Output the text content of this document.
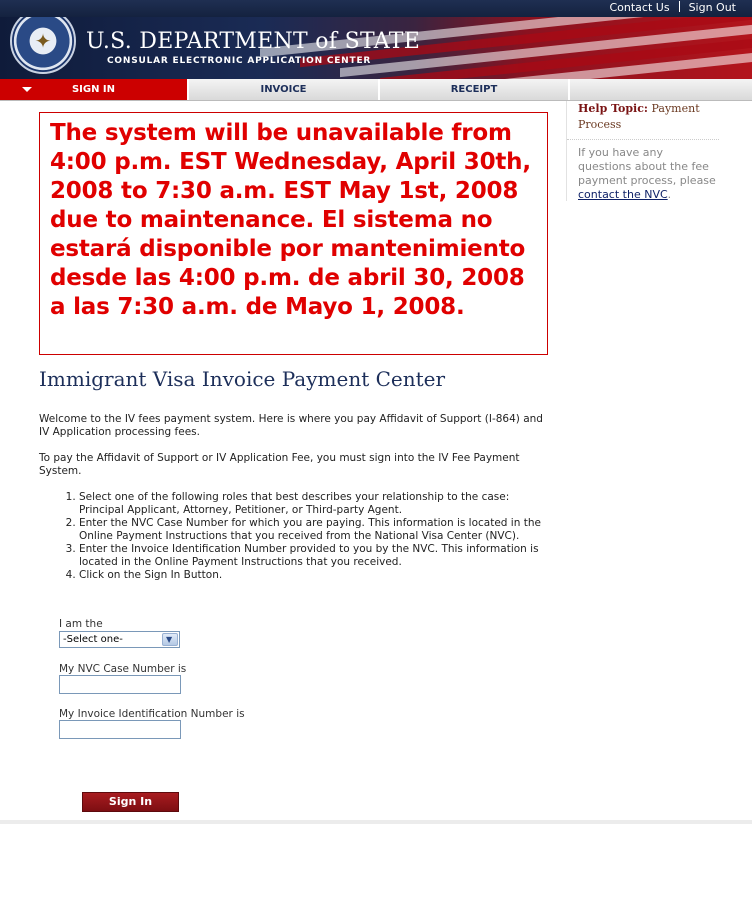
Contact Us Sign Out
✦ U.S. DEPARTMENT of STATE
CONSULAR ELECTRONIC APPLICATION CENTER
SIGN IN	INVOICE	RECEIPT
Help Topic: Payment Process
If you have any questions about the fee payment process, please contact the NVC.
The system will be unavailable from 4:00 p.m. EST Wednesday, April 30th, 2008 to 7:30 a.m. EST May 1st, 2008 due to maintenance. El sistema no estará disponible por mantenimiento desde las 4:00 p.m. de abril 30, 2008 a las 7:30 a.m. de Mayo 1, 2008.
Immigrant Visa Invoice Payment Center

Welcome to the IV fees payment system. Here is where you pay Affidavit of Support (I-864) and IV Application processing fees.

To pay the Affidavit of Support or IV Application Fee, you must sign into the IV Fee Payment System.

1. Select one of the following roles that best describes your relationship to the case: Principal Applicant, Attorney, Petitioner, or Third-party Agent.
2. Enter the NVC Case Number for which you are paying. This information is located in the Online Payment Instructions that you received from the National Visa Center (NVC).
3. Enter the Invoice Identification Number provided to you by the NVC. This information is located in the Online Payment Instructions that you received.
4. Click on the Sign In Button.
I am the
-Select one-	▼
My NVC Case Number is
My Invoice Identification Number is
Sign In
